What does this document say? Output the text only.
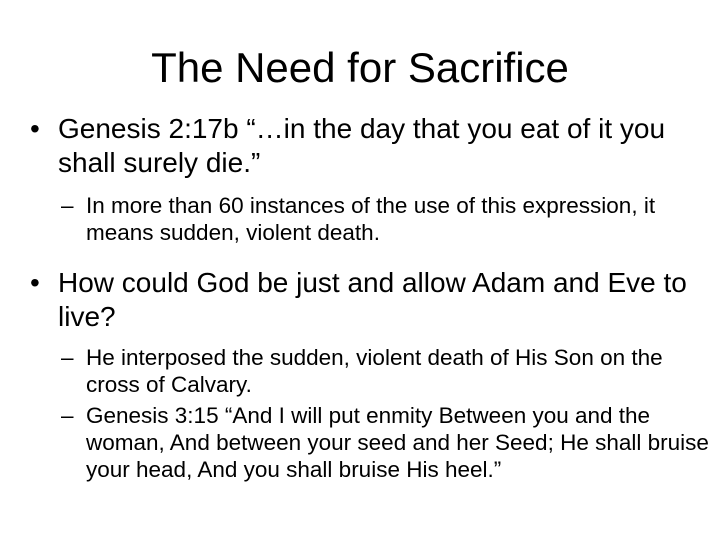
The Need for Sacrifice
• Genesis 2:17b “…in the day that you eat of it you shall surely die.”
– In more than 60 instances of the use of this expression, it means sudden, violent death.
• How could God be just and allow Adam and Eve to live?
– He interposed the sudden, violent death of His Son on the cross of Calvary.
– Genesis 3:15 “And I will put enmity Between you and the woman, And between your seed and her Seed; He shall bruise your head, And you shall bruise His heel.”
